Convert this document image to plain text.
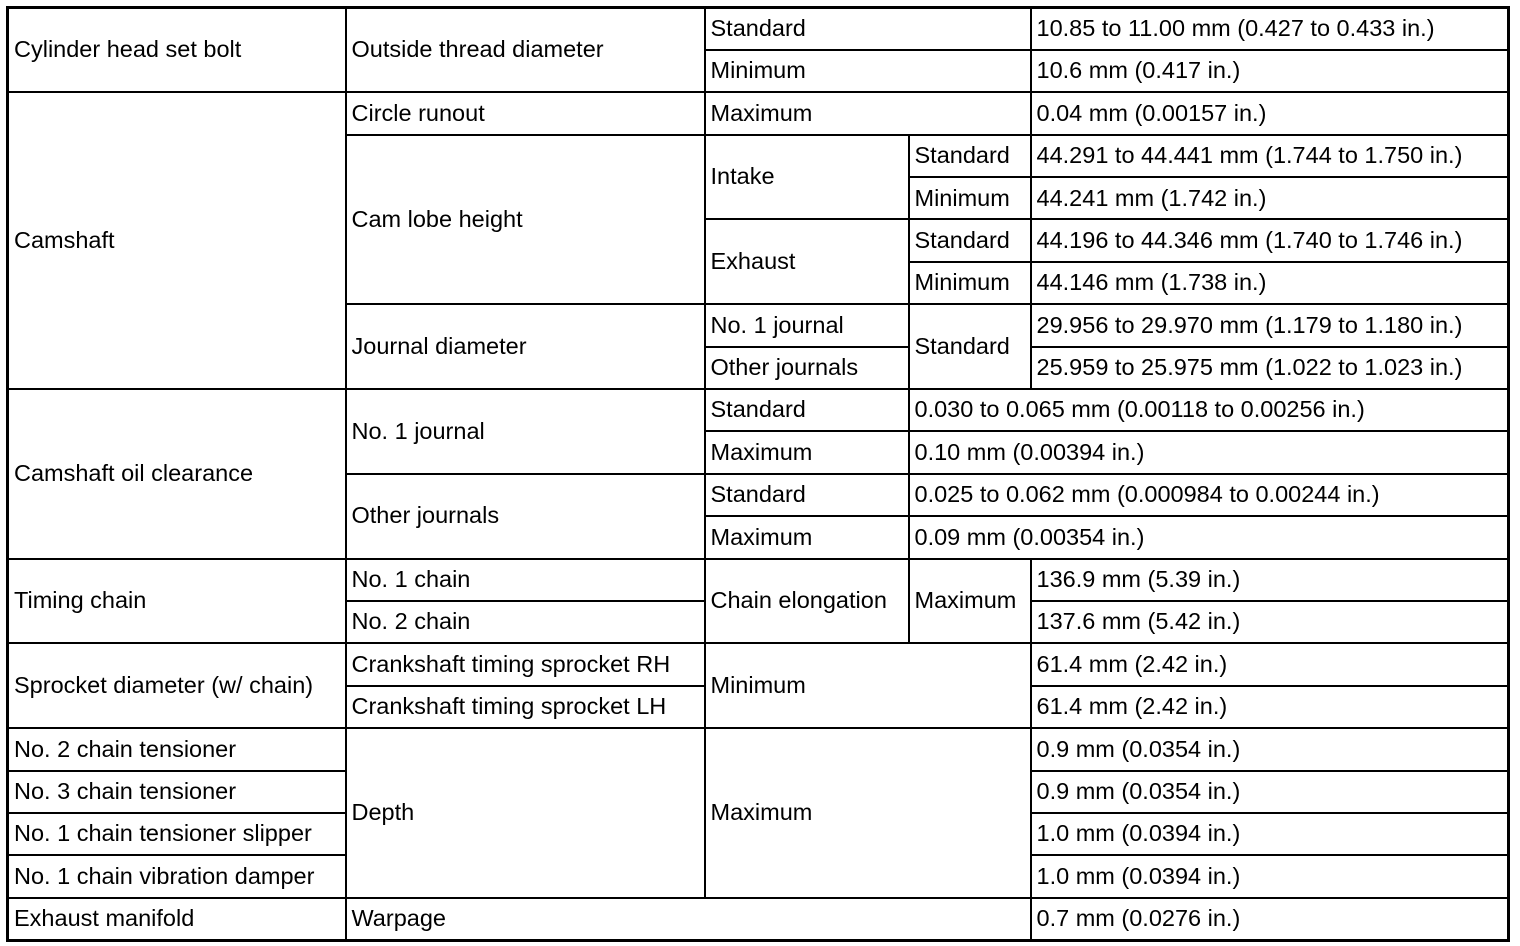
Cylinder head set bolt	Outside thread diameter	Standard		10.85 to 11.00 mm (0.427 to 0.433 in.)
		Minimum		10.6 mm (0.417 in.)
Camshaft	Circle runout	Maximum		0.04 mm (0.00157 in.)
	Cam lobe height	Intake	Standard	44.291 to 44.441 mm (1.744 to 1.750 in.)
			Minimum	44.241 mm (1.742 in.)
		Exhaust	Standard	44.196 to 44.346 mm (1.740 to 1.746 in.)
			Minimum	44.146 mm (1.738 in.)
	Journal diameter	No. 1 journal	Standard	29.956 to 29.970 mm (1.179 to 1.180 in.)
		Other journals		25.959 to 25.975 mm (1.022 to 1.023 in.)
Camshaft oil clearance	No. 1 journal	Standard	0.030 to 0.065 mm (0.00118 to 0.00256 in.)	
		Maximum	0.10 mm (0.00394 in.)	
	Other journals	Standard	0.025 to 0.062 mm (0.000984 to 0.00244 in.)	
		Maximum	0.09 mm (0.00354 in.)	
Timing chain	No. 1 chain	Chain elongation	Maximum	136.9 mm (5.39 in.)
	No. 2 chain			137.6 mm (5.42 in.)
Sprocket diameter (w/ chain)	Crankshaft timing sprocket RH	Minimum		61.4 mm (2.42 in.)
	Crankshaft timing sprocket LH			61.4 mm (2.42 in.)
No. 2 chain tensioner	Depth	Maximum		0.9 mm (0.0354 in.)
No. 3 chain tensioner				0.9 mm (0.0354 in.)
No. 1 chain tensioner slipper				1.0 mm (0.0394 in.)
No. 1 chain vibration damper				1.0 mm (0.0394 in.)
Exhaust manifold	Warpage			0.7 mm (0.0276 in.)
